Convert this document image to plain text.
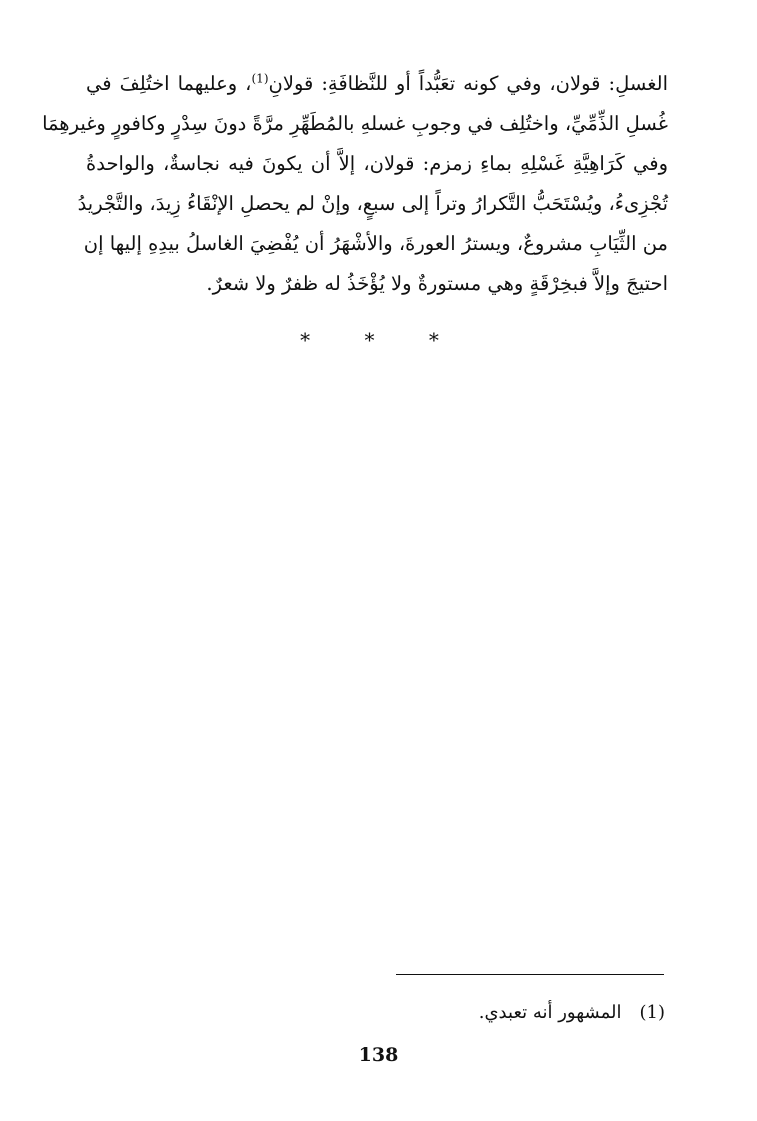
الغسلِ: قولان، وفي كونه تعَبُّداً أو للنَّظافَةِ: قولانِ$^{(1)}$، وعليهما اختُلِفَ في
غُسلِ الذِّمِّيِّ، واختُلِف في وجوبِ غسلهِ بالمُطَهِّرِ مرَّةً دونَ سِدْرٍ وكافورٍ وغيرهِمَا
وفي كَرَاهِيَّةِ غَسْلِهِ بماءِ زمزم: قولان، إلاَّ أن يكونَ فيه نجاسةٌ، والواحدةُ
تُجْزِىءُ، ويُسْتَحَبُّ التَّكرارُ وتراً إلى سبعٍ، وإنْ لم يحصلِ الإنْقَاءُ زِيدَ، والتَّجْريدُ
من الثِّيَابِ مشروعٌ، ويسترُ العورةَ، والأشْهَرُ أن يُفْضِيَ الغاسلُ بيدِهِ إليها إن
احتيجَ وإلاَّ فبخِرْقَةٍ وهي مستورةٌ ولا يُؤْخَذُ له ظفرٌ ولا شعرٌ.
* * *
(1)المشهور أنه تعبدي.
138
